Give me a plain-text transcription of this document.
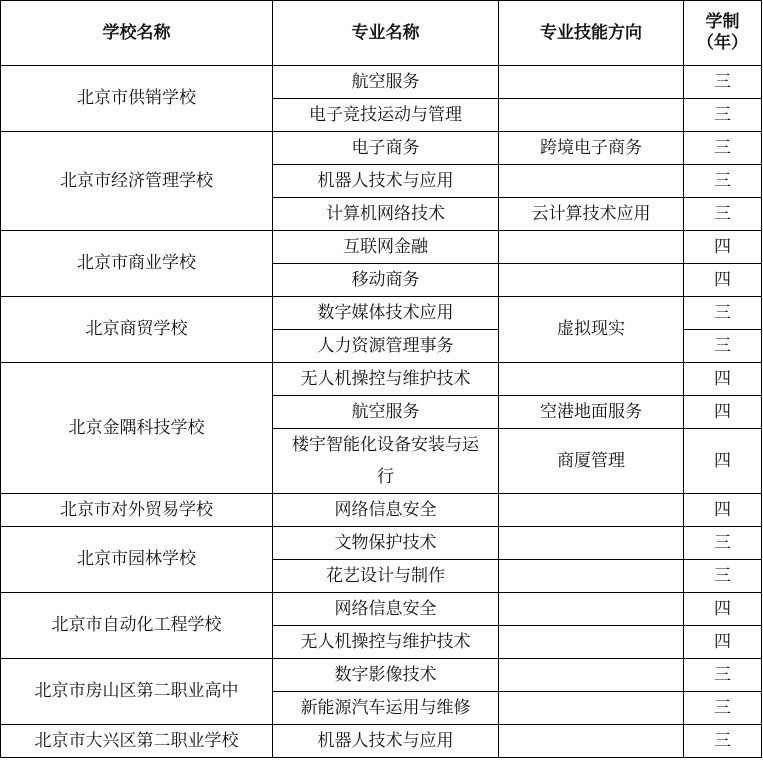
学校名称	专业名称	专业技能方向	学制
（年）
北京市供销学校	航空服务		三
	电子竞技运动与管理		三
北京市经济管理学校	电子商务	跨境电子商务	三
	机器人技术与应用		三
	计算机网络技术	云计算技术应用	三
北京市商业学校	互联网金融		四
	移动商务		四
北京商贸学校	数字媒体技术应用	虚拟现实	三
	人力资源管理事务		三
北京金隅科技学校	无人机操控与维护技术		四
	航空服务	空港地面服务	四
	楼宇智能化设备安装与运行	商厦管理	四
北京市对外贸易学校	网络信息安全		四
北京市园林学校	文物保护技术		三
	花艺设计与制作		三
北京市自动化工程学校	网络信息安全		四
	无人机操控与维护技术		四
北京市房山区第二职业高中	数字影像技术		三
	新能源汽车运用与维修		三
北京市大兴区第二职业学校	机器人技术与应用		三
